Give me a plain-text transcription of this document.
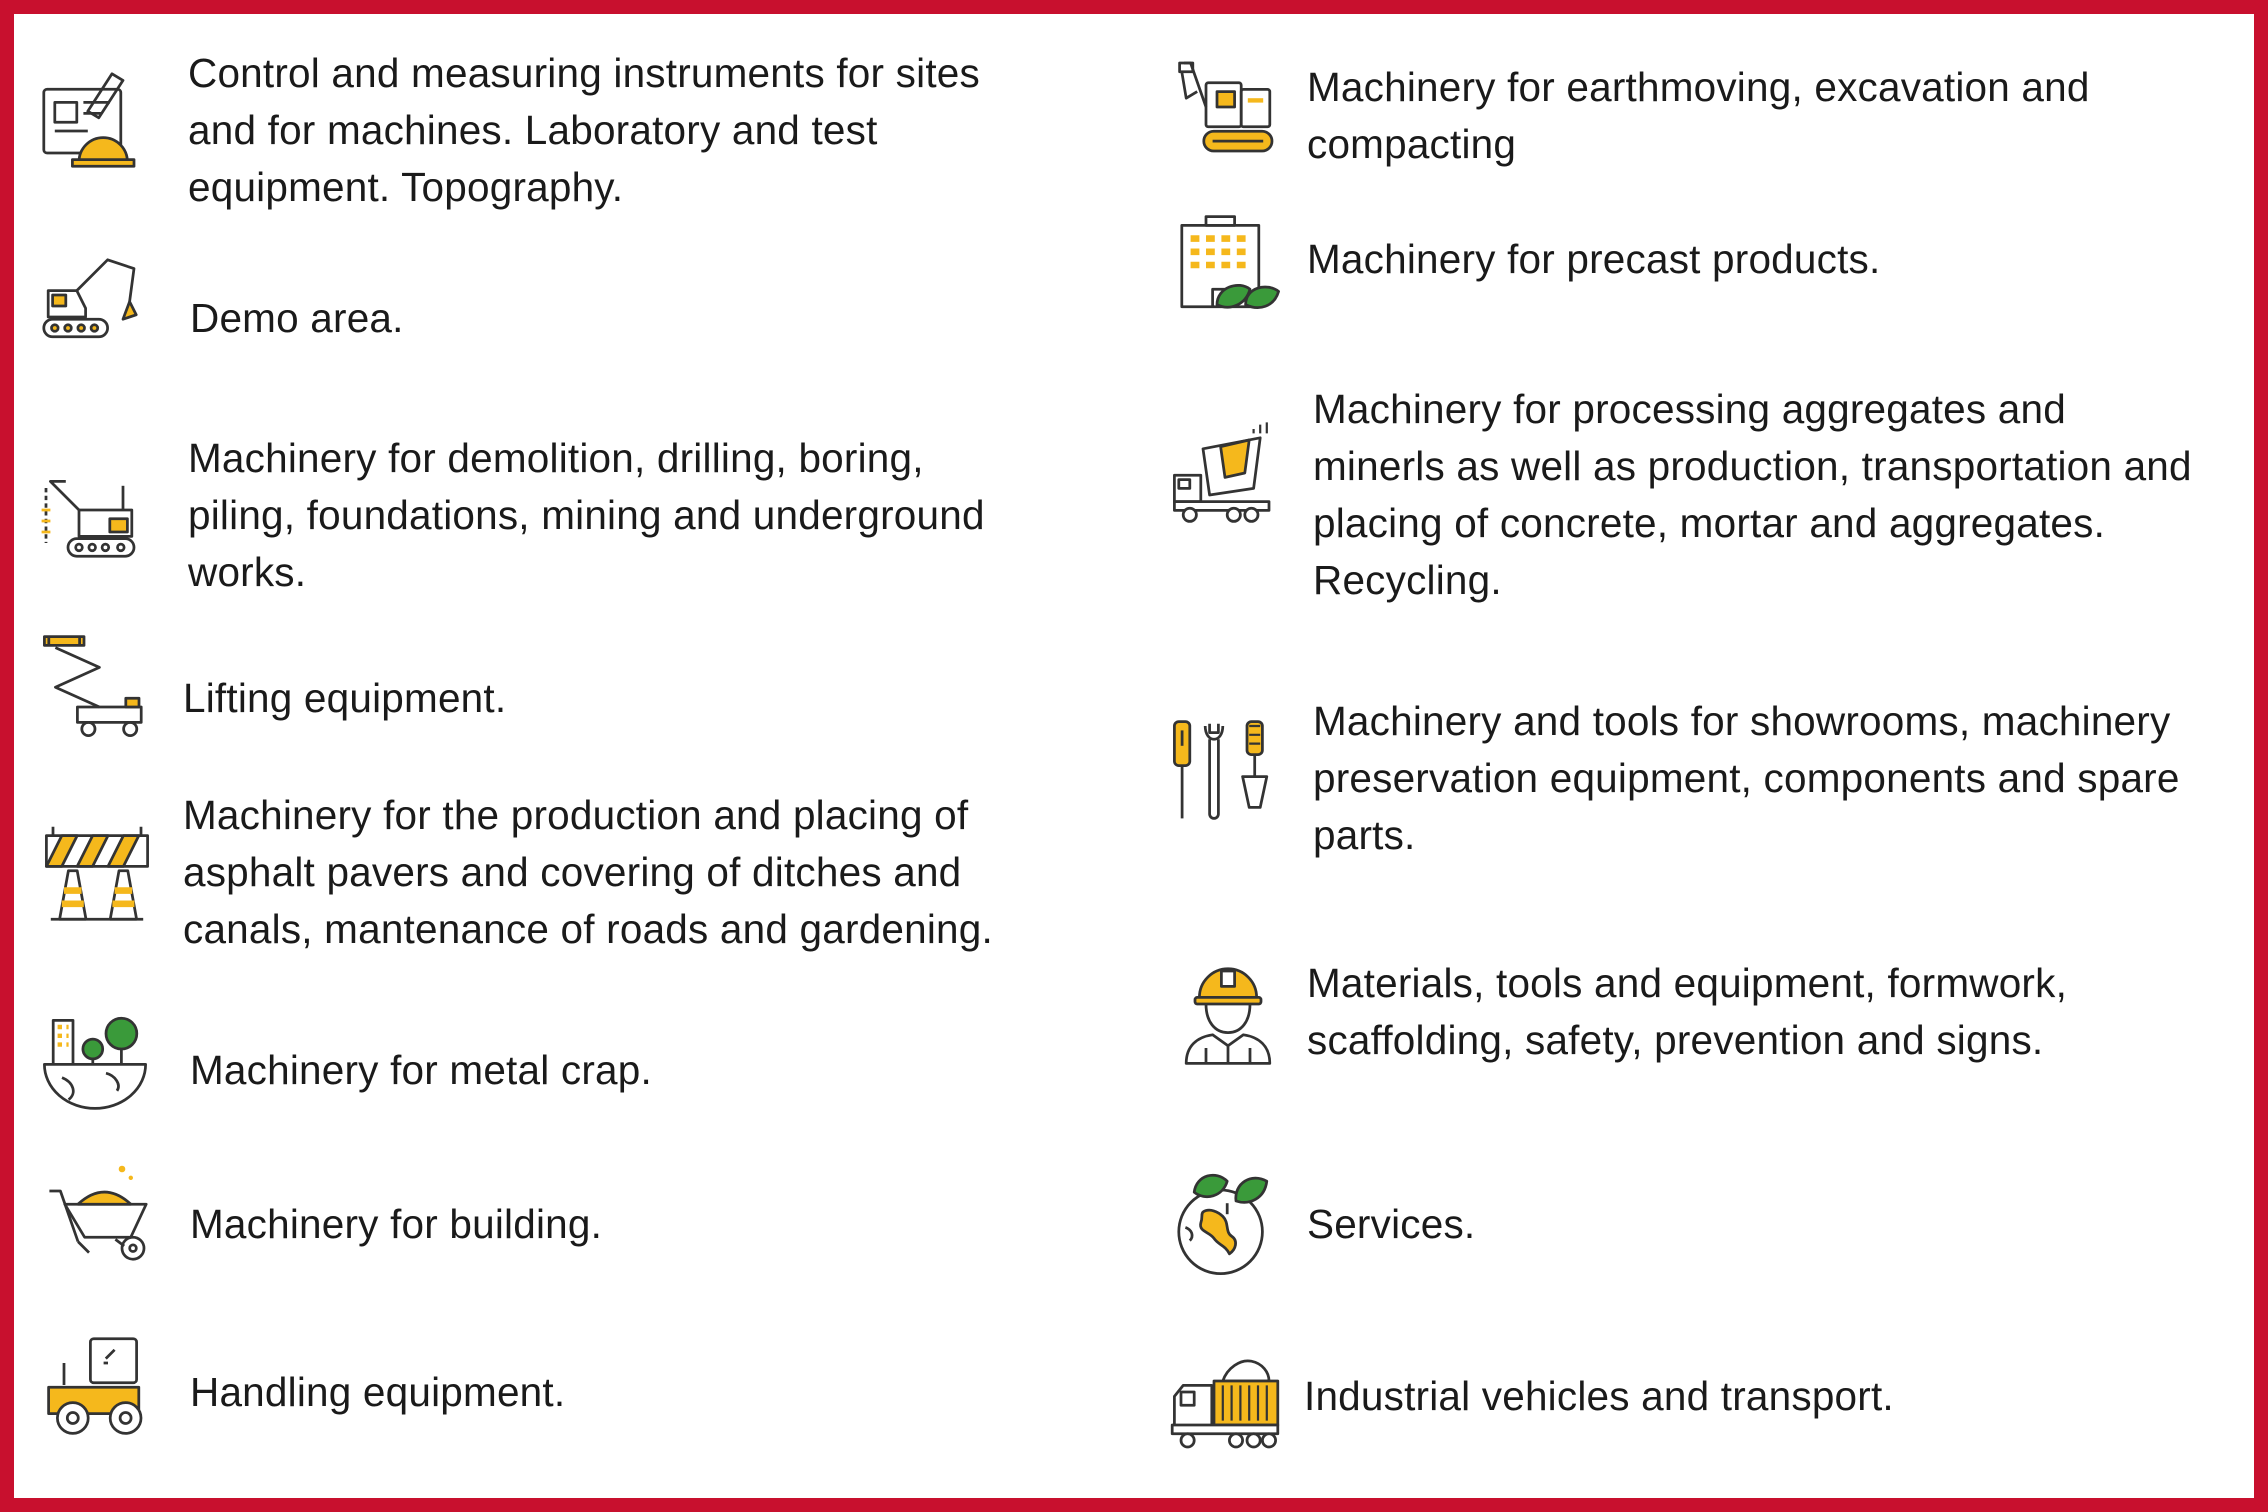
Control and measuring instruments for sites
and for machines. Laboratory and test
equipment. Topography.
Demo area.
Machinery for demolition, drilling, boring,
piling, foundations, mining and underground
works.
Lifting equipment.
Machinery for the production and placing of
asphalt pavers and covering of ditches and
canals, mantenance of roads and gardening.
Machinery for metal crap.
Machinery for building.
Handling equipment.
Machinery for earthmoving, excavation and
compacting
Machinery for precast products.
Machinery for processing aggregates and
minerls as well as production, transportation and
placing of concrete, mortar and aggregates.
Recycling.
Machinery and tools for showrooms, machinery
preservation equipment, components and spare
parts.
Materials, tools and equipment, formwork,
scaffolding, safety, prevention and signs.
Services.
Industrial vehicles and transport.
